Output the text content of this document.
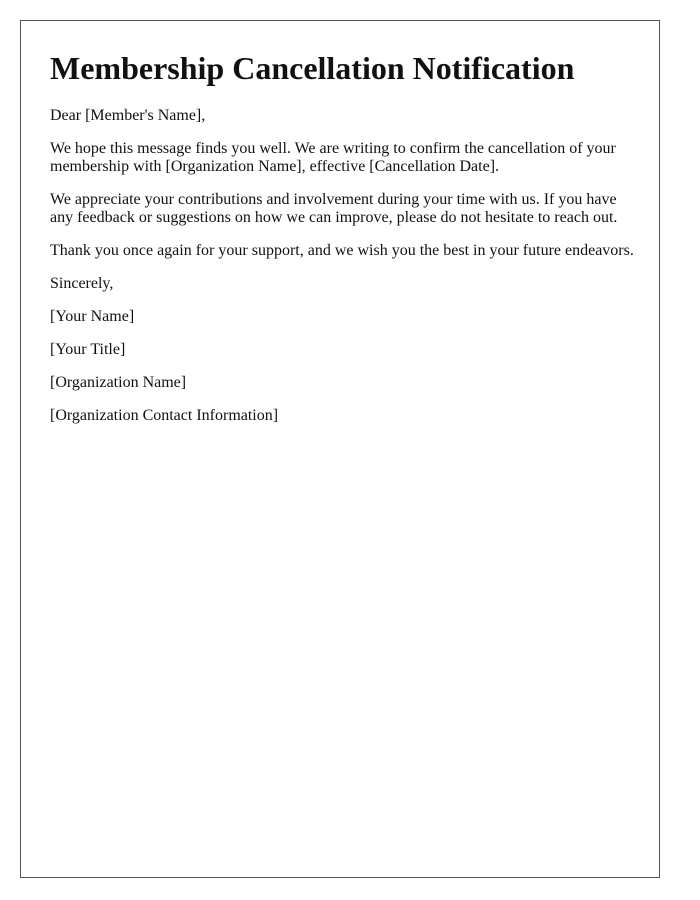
Membership Cancellation Notification

Dear [Member's Name],

We hope this message finds you well. We are writing to confirm the cancellation of your membership with [Organization Name], effective [Cancellation Date].

We appreciate your contributions and involvement during your time with us. If you have any feedback or suggestions on how we can improve, please do not hesitate to reach out.

Thank you once again for your support, and we wish you the best in your future endeavors.

Sincerely,

[Your Name]

[Your Title]

[Organization Name]

[Organization Contact Information]
